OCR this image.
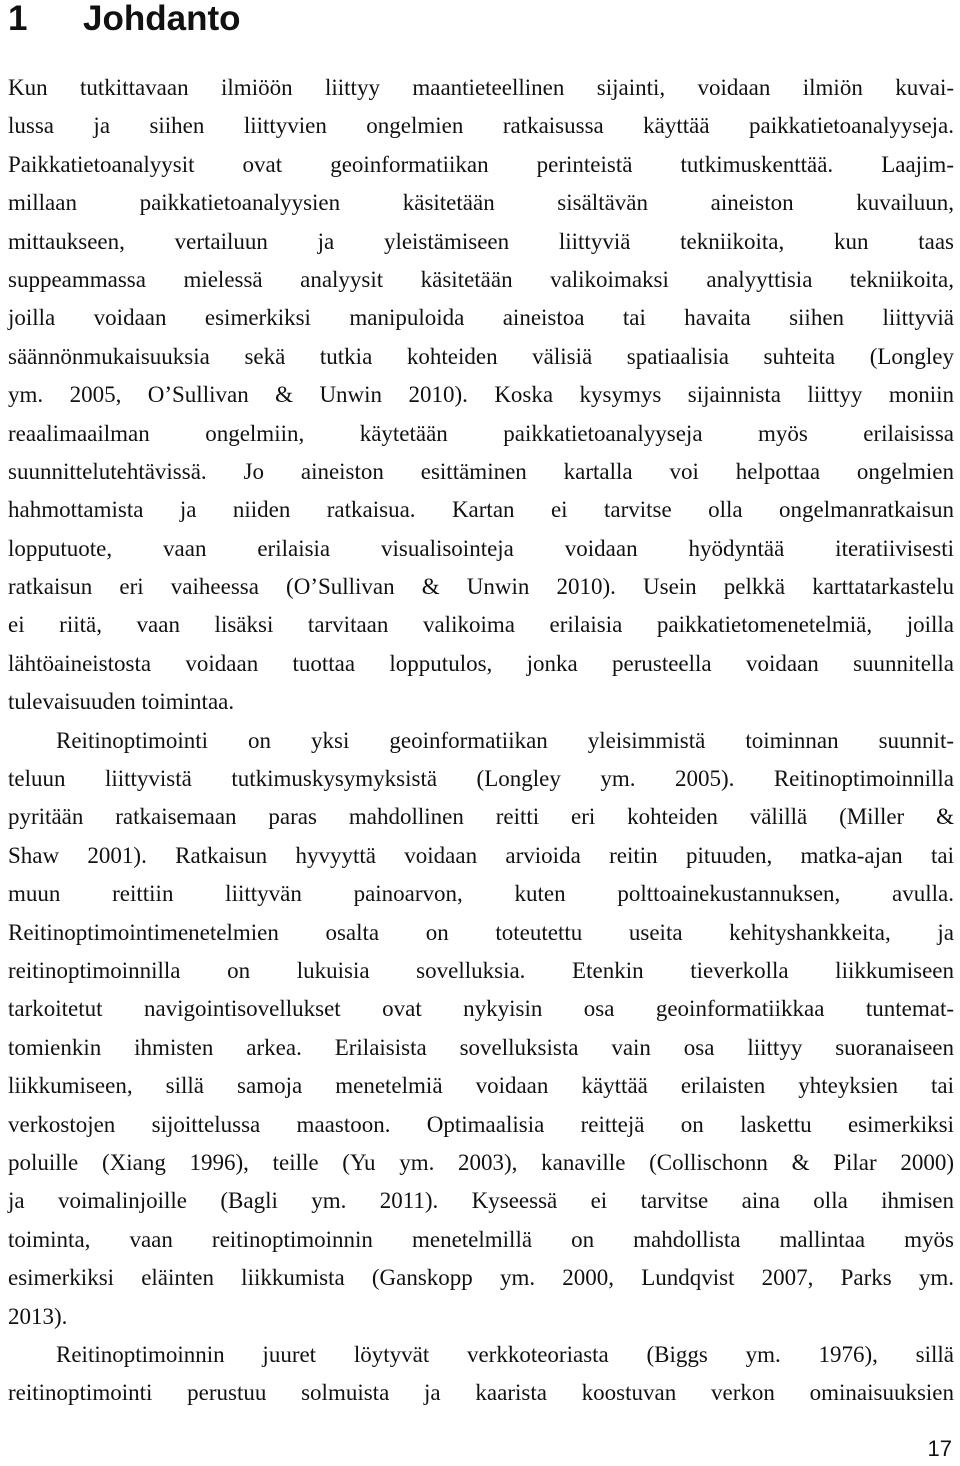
1 Johdanto

Kun tutkittavaan ilmiöön liittyy maantieteellinen sijainti, voidaan ilmiön kuvai-
lussa ja siihen liittyvien ongelmien ratkaisussa käyttää paikkatietoanalyyseja.
Paikkatietoanalyysit ovat geoinformatiikan perinteistä tutkimuskenttää. Laajim-
millaan paikkatietoanalyysien käsitetään sisältävän aineiston kuvailuun,
mittaukseen, vertailuun ja yleistämiseen liittyviä tekniikoita, kun taas
suppeammassa mielessä analyysit käsitetään valikoimaksi analyyttisia tekniikoita,
joilla voidaan esimerkiksi manipuloida aineistoa tai havaita siihen liittyviä
säännönmukaisuuksia sekä tutkia kohteiden välisiä spatiaalisia suhteita (Longley
ym. 2005, O’Sullivan & Unwin 2010). Koska kysymys sijainnista liittyy moniin
reaalimaailman ongelmiin, käytetään paikkatietoanalyyseja myös erilaisissa
suunnittelutehtävissä. Jo aineiston esittäminen kartalla voi helpottaa ongelmien
hahmottamista ja niiden ratkaisua. Kartan ei tarvitse olla ongelmanratkaisun
lopputuote, vaan erilaisia visualisointeja voidaan hyödyntää iteratiivisesti
ratkaisun eri vaiheessa (O’Sullivan & Unwin 2010). Usein pelkkä karttatarkastelu
ei riitä, vaan lisäksi tarvitaan valikoima erilaisia paikkatietomenetelmiä, joilla
lähtöaineistosta voidaan tuottaa lopputulos, jonka perusteella voidaan suunnitella
tulevaisuuden toimintaa.

Reitinoptimointi on yksi geoinformatiikan yleisimmistä toiminnan suunnit-
teluun liittyvistä tutkimuskysymyksistä (Longley ym. 2005). Reitinoptimoinnilla
pyritään ratkaisemaan paras mahdollinen reitti eri kohteiden välillä (Miller &
Shaw 2001). Ratkaisun hyvyyttä voidaan arvioida reitin pituuden, matka-ajan tai
muun reittiin liittyvän painoarvon, kuten polttoainekustannuksen, avulla.
Reitinoptimointimenetelmien osalta on toteutettu useita kehityshankkeita, ja
reitinoptimoinnilla on lukuisia sovelluksia. Etenkin tieverkolla liikkumiseen
tarkoitetut navigointisovellukset ovat nykyisin osa geoinformatiikkaa tuntemat-
tomienkin ihmisten arkea. Erilaisista sovelluksista vain osa liittyy suoranaiseen
liikkumiseen, sillä samoja menetelmiä voidaan käyttää erilaisten yhteyksien tai
verkostojen sijoittelussa maastoon. Optimaalisia reittejä on laskettu esimerkiksi
poluille (Xiang 1996), teille (Yu ym. 2003), kanaville (Collischonn & Pilar 2000)
ja voimalinjoille (Bagli ym. 2011). Kyseessä ei tarvitse aina olla ihmisen
toiminta, vaan reitinoptimoinnin menetelmillä on mahdollista mallintaa myös
esimerkiksi eläinten liikkumista (Ganskopp ym. 2000, Lundqvist 2007, Parks ym.
2013).

Reitinoptimoinnin juuret löytyvät verkkoteoriasta (Biggs ym. 1976), sillä
reitinoptimointi perustuu solmuista ja kaarista koostuvan verkon ominaisuuksien

17
